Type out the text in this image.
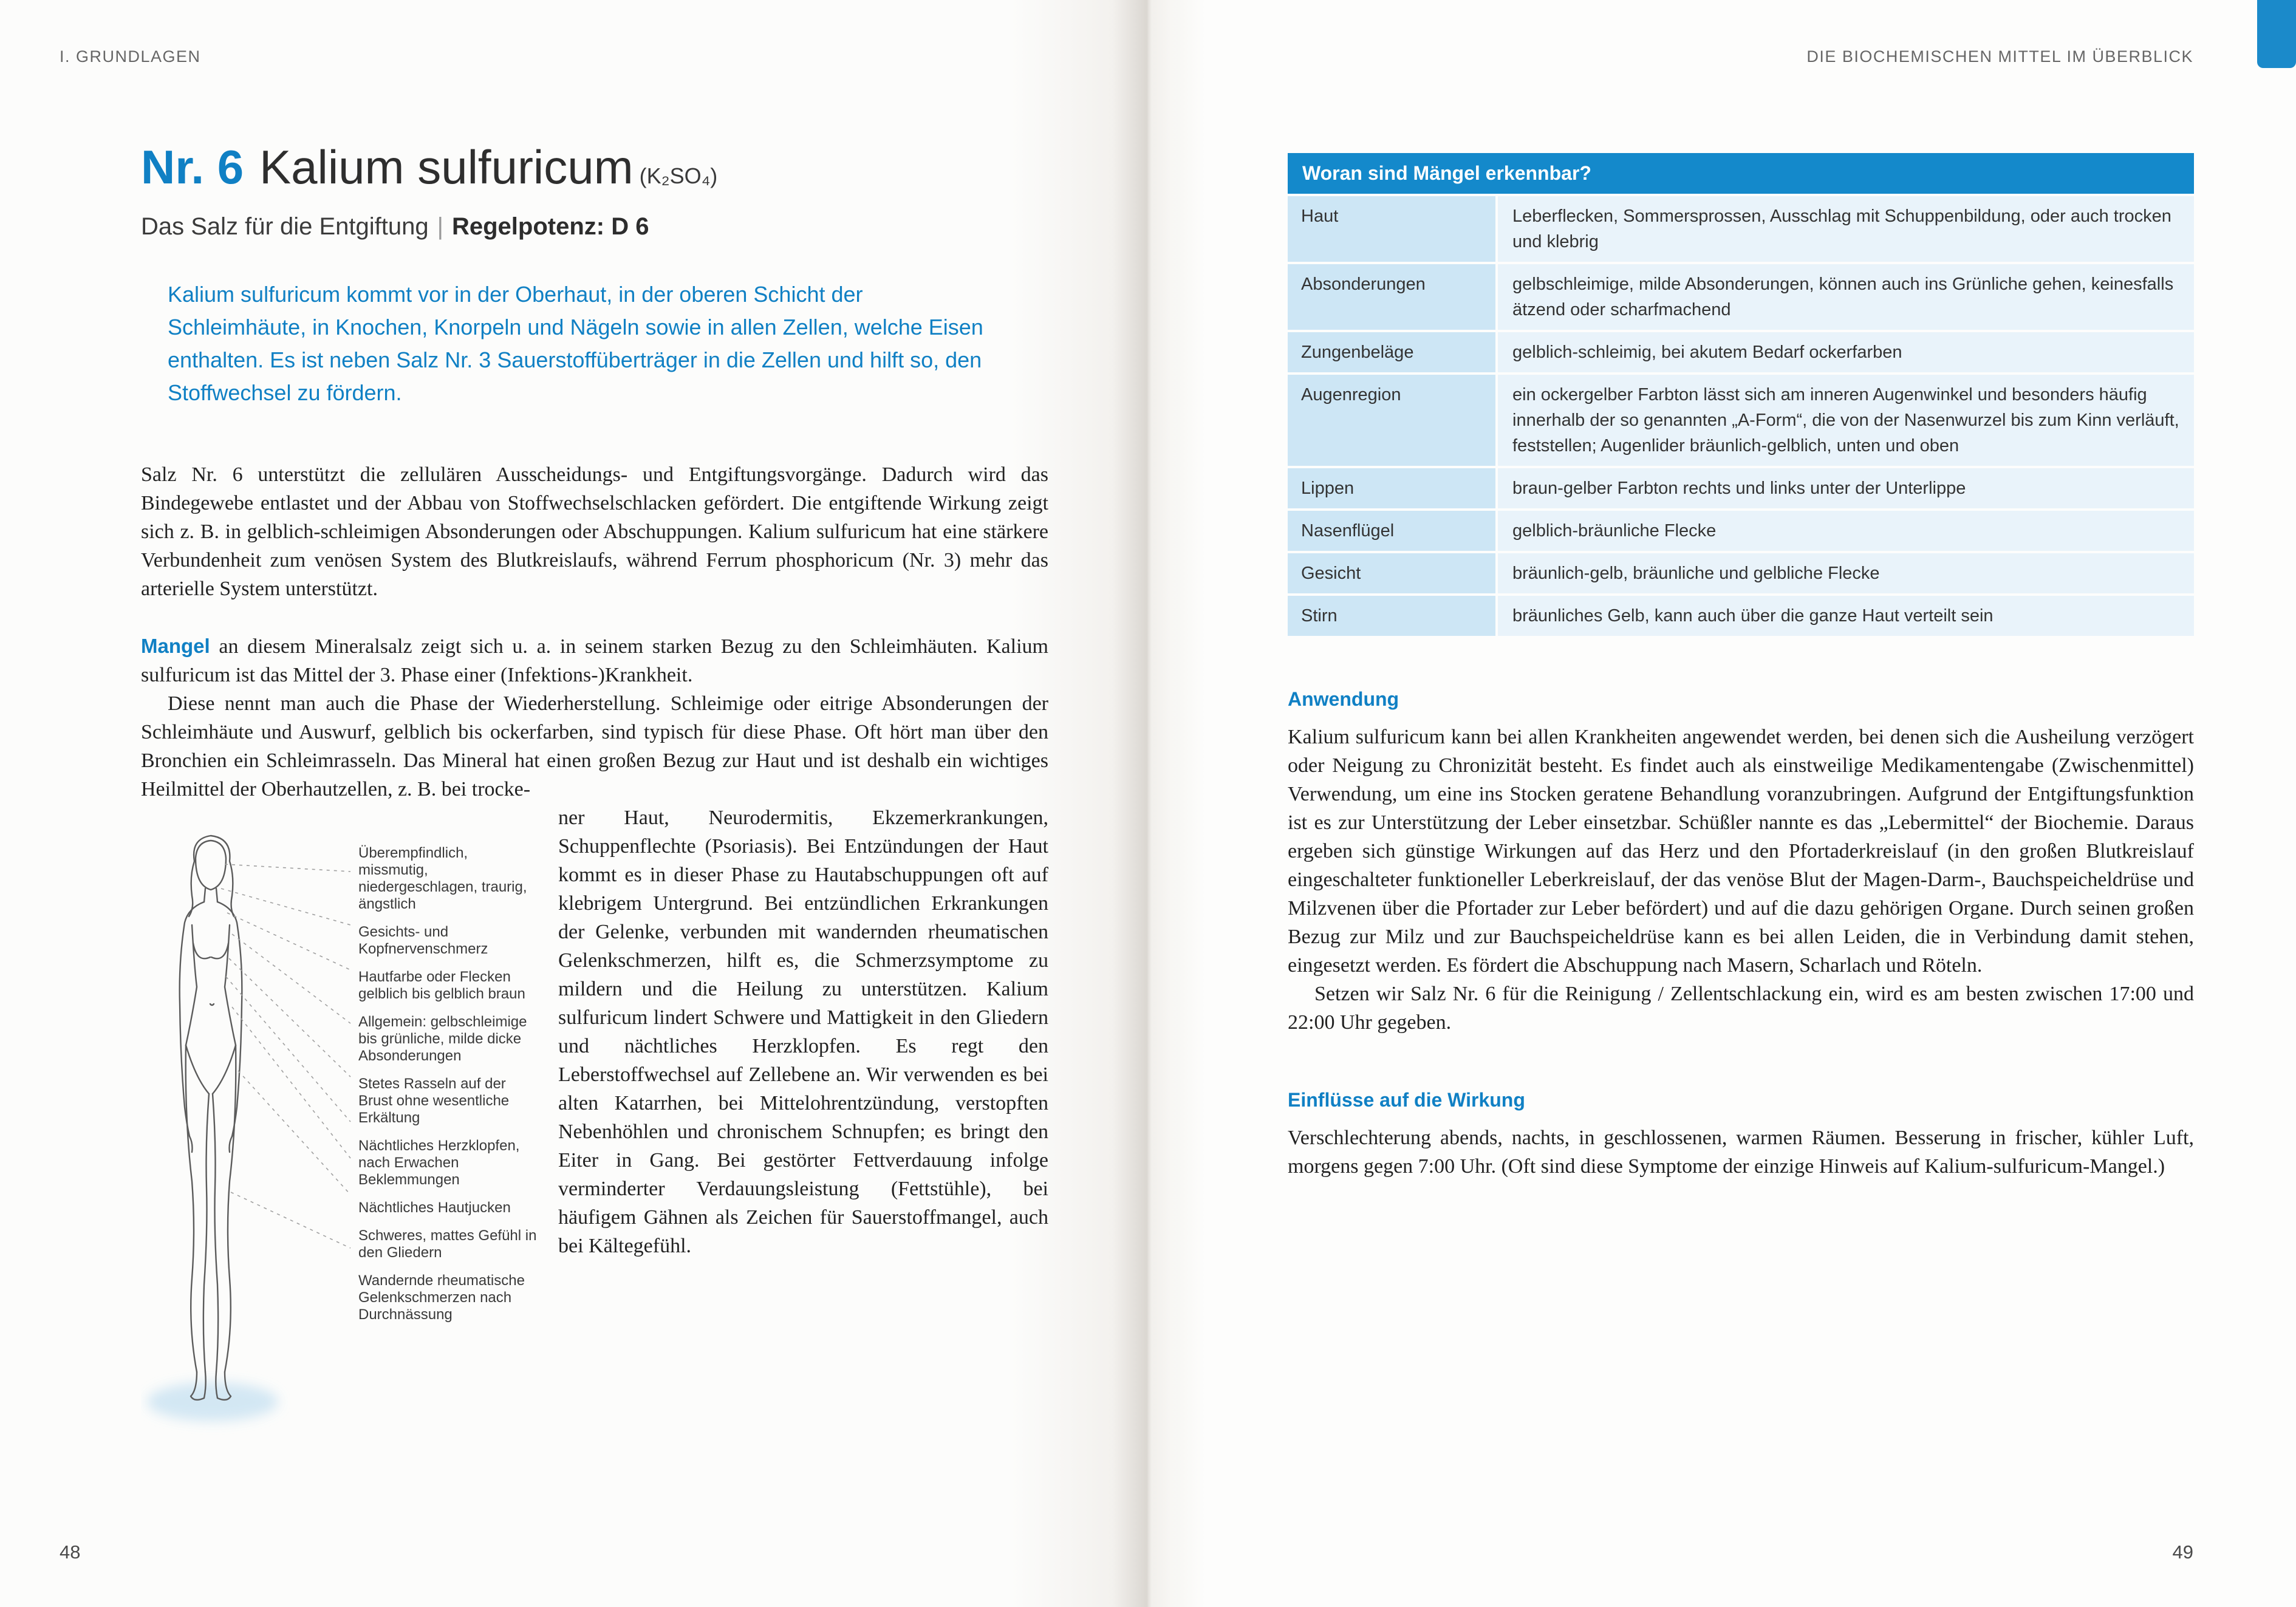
I. GRUNDLAGEN
Nr. 6 Kalium sulfuricum (K₂SO₄)
Das Salz für die Entgiftung | Regelpotenz: D 6

Kalium sulfuricum kommt vor in der Oberhaut, in der oberen Schicht der Schleimhäute, in Knochen, Knorpeln und Nägeln sowie in allen Zellen, welche Eisen enthalten. Es ist neben Salz Nr. 3 Sauerstoffüberträger in die Zellen und hilft so, den Stoffwechsel zu fördern.

Salz Nr. 6 unterstützt die zellulären Ausscheidungs- und Entgiftungsvorgänge. Dadurch wird das Bindegewebe entlastet und der Abbau von Stoffwechselschlacken gefördert. Die entgiftende Wirkung zeigt sich z. B. in gelblich-schleimigen Absonderungen oder Abschuppungen. Kalium sulfuricum hat eine stärkere Verbundenheit zum venösen System des Blutkreislaufs, während Ferrum phosphoricum (Nr. 3) mehr das arterielle System unterstützt.

Mangel an diesem Mineralsalz zeigt sich u. a. in seinem starken Bezug zu den Schleimhäuten. Kalium sulfuricum ist das Mittel der 3. Phase einer (Infektions-)Krankheit.

Diese nennt man auch die Phase der Wiederherstellung. Schleimige oder eitrige Absonderungen der Schleimhäute und Auswurf, gelblich bis ockerfarben, sind typisch für diese Phase. Oft hört man über den Bronchien ein Schleimrasseln. Das Mineral hat einen großen Bezug zur Haut und ist deshalb ein wichtiges Heilmittel der Oberhautzellen, z. B. bei trocke-

Überempfindlich, missmutig, niedergeschlagen, traurig, ängstlich
Gesichts- und Kopfnervenschmerz
Hautfarbe oder Flecken gelblich bis gelblich braun
Allgemein: gelbschleimige bis grünliche, milde dicke Absonderungen
Stetes Rasseln auf der Brust ohne wesentliche Erkältung
Nächtliches Herzklopfen, nach Erwachen Beklemmungen
Nächtliches Hautjucken
Schweres, mattes Gefühl in den Gliedern
Wandernde rheumatische Gelenkschmerzen nach Durchnässung

ner Haut, Neurodermitis, Ekzemerkrankungen, Schuppenflechte (Psoriasis). Bei Entzündungen der Haut kommt es in dieser Phase zu Hautabschuppungen oft auf klebrigem Untergrund. Bei entzündlichen Erkrankungen der Gelenke, verbunden mit wandernden rheumatischen Gelenkschmerzen, hilft es, die Schmerzsymptome zu mildern und die Heilung zu unterstützen. Kalium sulfuricum lindert Schwere und Mattigkeit in den Gliedern und nächtliches Herzklopfen. Es regt den Leberstoffwechsel auf Zellebene an. Wir verwenden es bei alten Katarrhen, bei Mittelohrentzündung, verstopften Nebenhöhlen und chronischem Schnupfen; es bringt den Eiter in Gang. Bei gestörter Fettverdauung infolge verminderter Verdauungsleistung (Fettstühle), bei häufigem Gähnen als Zeichen für Sauerstoffmangel, auch bei Kältegefühl.

48
DIE BIOCHEMISCHEN MITTEL IM ÜBERBLICK
Woran sind Mängel erkennbar?
Haut	Leberflecken, Sommersprossen, Ausschlag mit Schuppenbildung, oder auch trocken und klebrig
Absonderungen	gelbschleimige, milde Absonderungen, können auch ins Grünliche gehen, keinesfalls ätzend oder scharfmachend
Zungenbeläge	gelblich-schleimig, bei akutem Bedarf ockerfarben
Augenregion	ein ockergelber Farbton lässt sich am inneren Augenwinkel und besonders häufig innerhalb der so genannten „A-Form“, die von der Nasenwurzel bis zum Kinn verläuft, feststellen; Augenlider bräunlich-gelblich, unten und oben
Lippen	braun-gelber Farbton rechts und links unter der Unterlippe
Nasenflügel	gelblich-bräunliche Flecke
Gesicht	bräunlich-gelb, bräunliche und gelbliche Flecke
Stirn	bräunliches Gelb, kann auch über die ganze Haut verteilt sein
Anwendung

Kalium sulfuricum kann bei allen Krankheiten angewendet werden, bei denen sich die Ausheilung verzögert oder Neigung zu Chronizität besteht. Es findet auch als einstweilige Medikamentengabe (Zwischenmittel) Verwendung, um eine ins Stocken geratene Behandlung voranzubringen. Aufgrund der Entgiftungsfunktion ist es zur Unterstützung der Leber einsetzbar. Schüßler nannte es das „Lebermittel“ der Biochemie. Daraus ergeben sich günstige Wirkungen auf das Herz und den Pfortaderkreislauf (in den großen Blutkreislauf eingeschalteter funktioneller Leberkreislauf, der das venöse Blut der Magen-Darm-, Bauchspeicheldrüse und Milzvenen über die Pfortader zur Leber befördert) und auf die dazu gehörigen Organe. Durch seinen großen Bezug zur Milz und zur Bauchspeicheldrüse kann es bei allen Leiden, die in Verbindung damit stehen, eingesetzt werden. Es fördert die Abschuppung nach Masern, Scharlach und Röteln.

Setzen wir Salz Nr. 6 für die Reinigung / Zellentschlackung ein, wird es am besten zwischen 17:00 und 22:00 Uhr gegeben.

Einflüsse auf die Wirkung

Verschlechterung abends, nachts, in geschlossenen, warmen Räumen. Besserung in frischer, kühler Luft, morgens gegen 7:00 Uhr. (Oft sind diese Symptome der einzige Hinweis auf Kalium-sulfuricum-Mangel.)

49
